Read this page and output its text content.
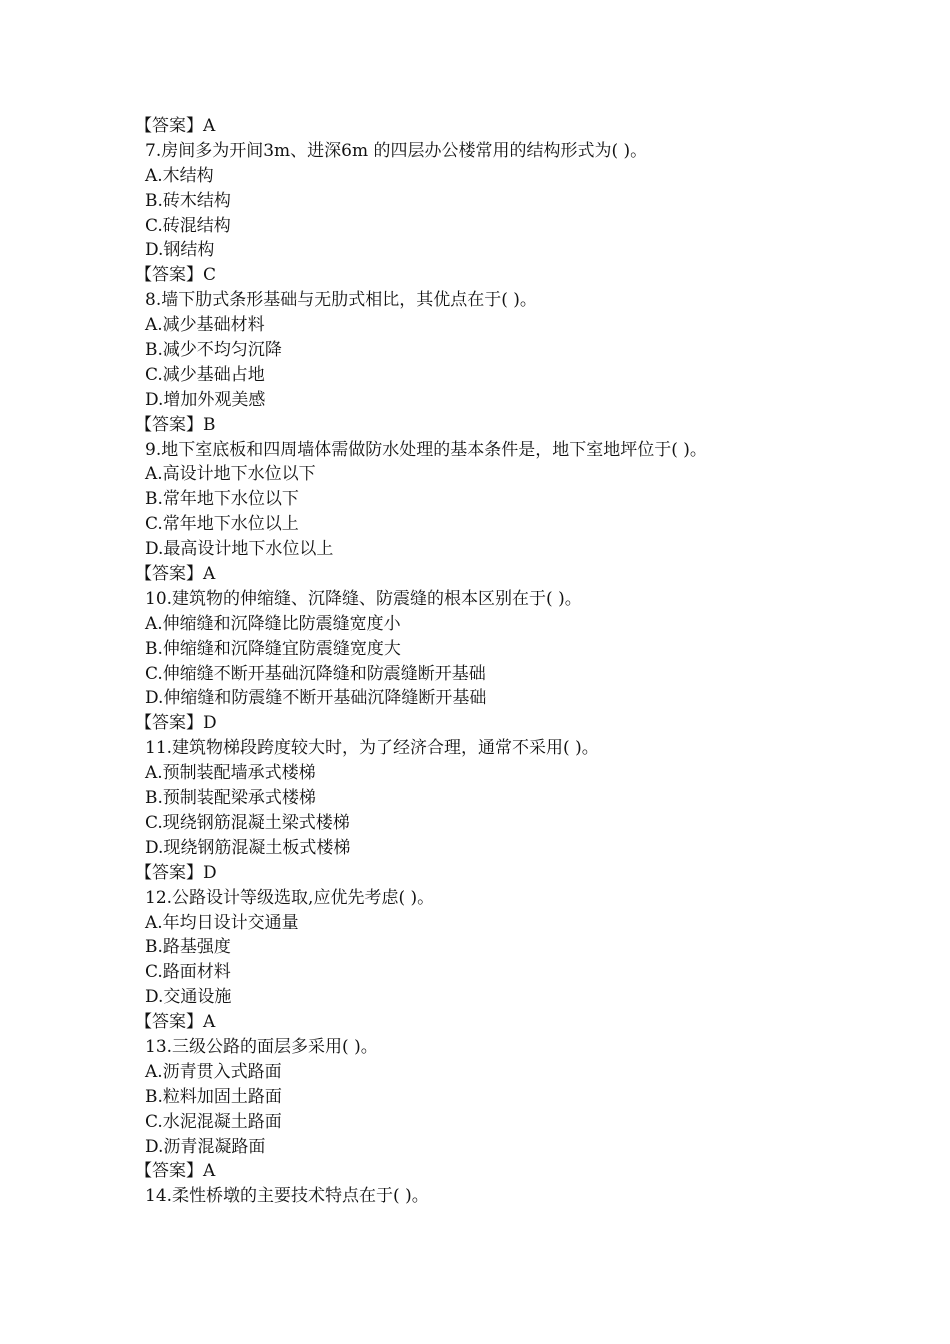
【答案】A
7.房间多为开间3m、进深6m 的四层办公楼常用的结构形式为( )。
A.木结构
B.砖木结构
C.砖混结构
D.钢结构
【答案】C
8.墙下肋式条形基础与无肋式相比，其优点在于( )。
A.减少基础材料
B.减少不均匀沉降
C.减少基础占地
D.增加外观美感
【答案】B
9.地下室底板和四周墙体需做防水处理的基本条件是，地下室地坪位于( )。
A.高设计地下水位以下
B.常年地下水位以下
C.常年地下水位以上
D.最高设计地下水位以上
【答案】A
10.建筑物的伸缩缝、沉降缝、防震缝的根本区别在于( )。
A.伸缩缝和沉降缝比防震缝宽度小
B.伸缩缝和沉降缝宜防震缝宽度大
C.伸缩缝不断开基础沉降缝和防震缝断开基础
D.伸缩缝和防震缝不断开基础沉降缝断开基础
【答案】D
11.建筑物梯段跨度较大时，为了经济合理，通常不采用( )。
A.预制装配墙承式楼梯
B.预制装配梁承式楼梯
C.现绕钢筋混凝土梁式楼梯
D.现绕钢筋混凝土板式楼梯
【答案】D
12.公路设计等级选取,应优先考虑( )。
A.年均日设计交通量
B.路基强度
C.路面材料
D.交通设施
【答案】A
13.三级公路的面层多采用( )。
A.沥青贯入式路面
B.粒料加固土路面
C.水泥混凝土路面
D.沥青混凝路面
【答案】A
14.柔性桥墩的主要技术特点在于( )。
